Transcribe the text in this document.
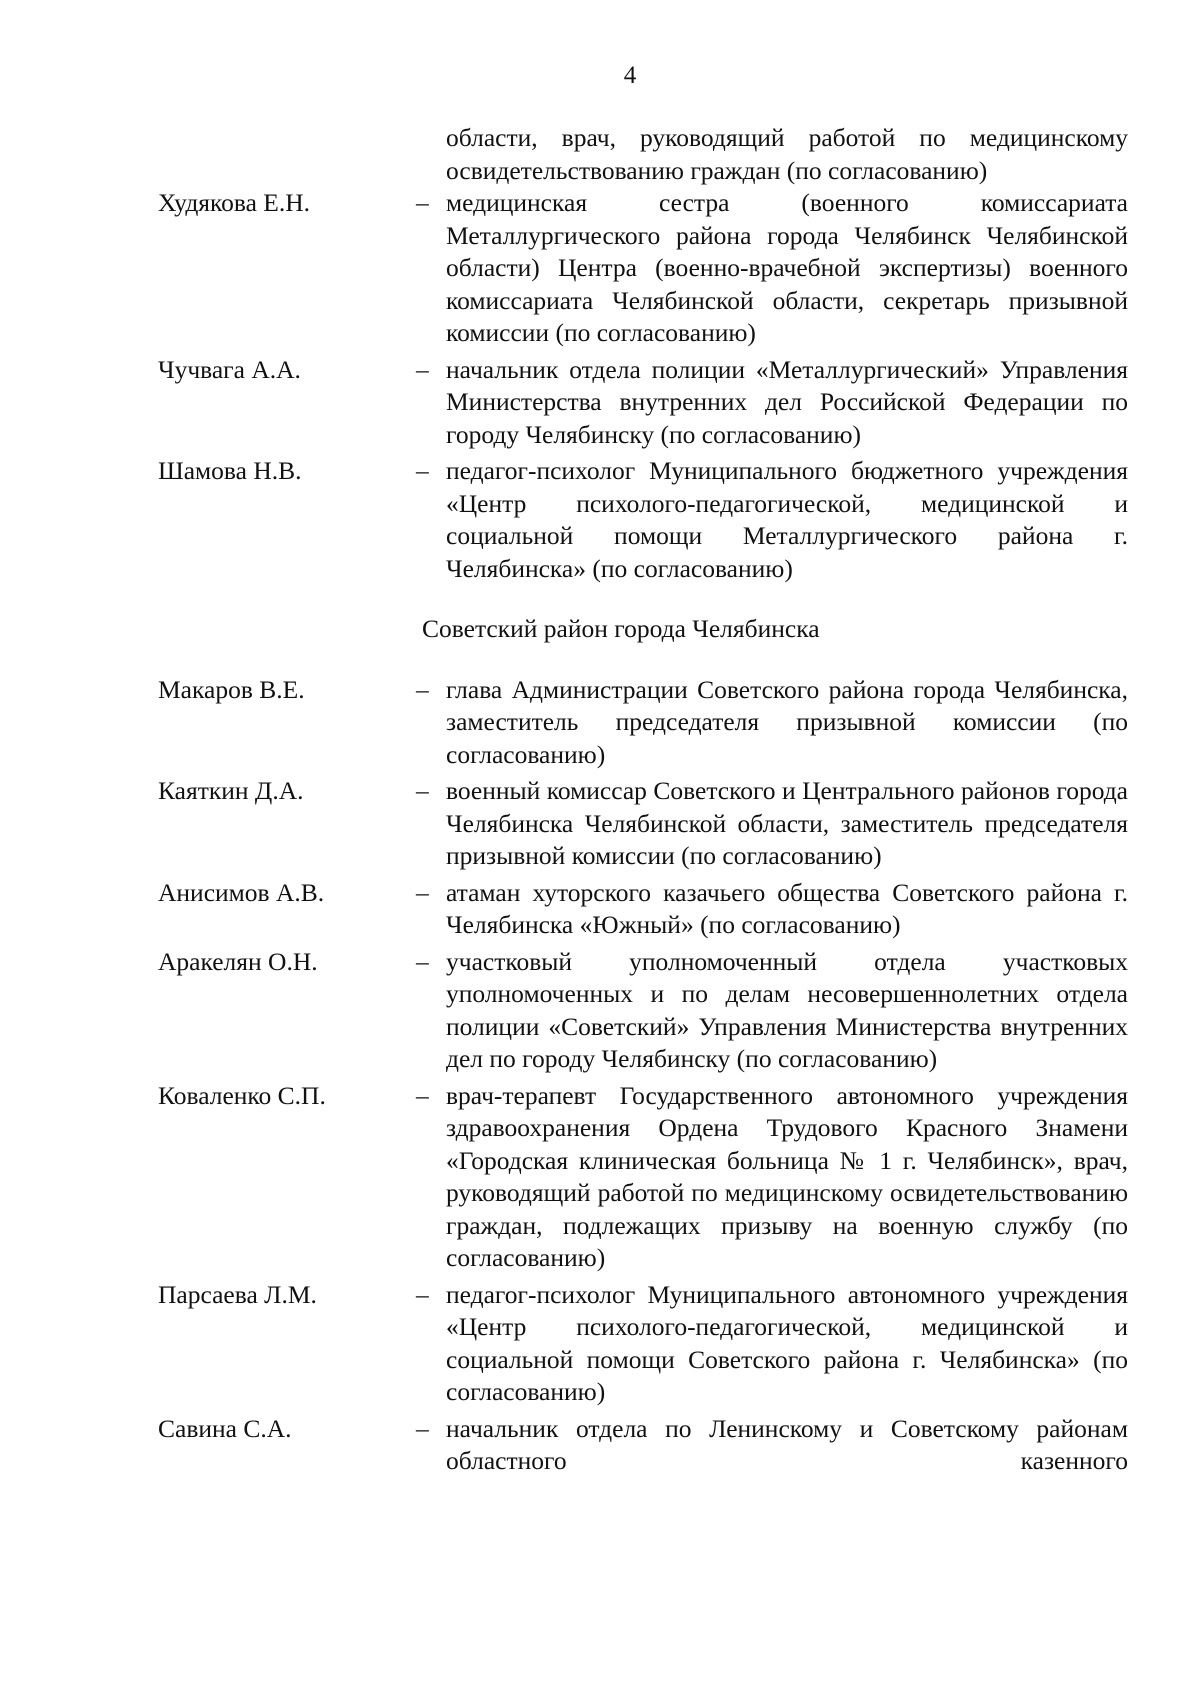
4
области, врач, руководящий работой по медицинскому освидетельствованию граждан (по согласованию)
Худякова Е.Н.	– медицинская сестра (военного комиссариата Металлургического района города Челябинск Челябинской области) Центра (военно-врачебной экспертизы) военного комиссариата Челябинской области, секретарь призывной комиссии (по согласованию)
Чучвага А.А.	– начальник отдела полиции «Металлургический» Управления Министерства внутренних дел Российской Федерации по городу Челябинску (по согласованию)
Шамова Н.В.	– педагог-психолог Муниципального бюджетного учреждения «Центр психолого-педагогической, медицинской и социальной помощи Металлургического района г. Челябинска» (по согласованию)
Советский район города Челябинска
Макаров В.Е.	– глава Администрации Советского района города Челябинска, заместитель председателя призывной комиссии (по согласованию)
Каяткин Д.А.	– военный комиссар Советского и Центрального районов города Челябинска Челябинской области, заместитель председателя призывной комиссии (по согласованию)
Анисимов А.В.	– атаман хуторского казачьего общества Советского района г. Челябинска «Южный» (по согласованию)
Аракелян О.Н.	– участковый уполномоченный отдела участковых уполномоченных и по делам несовершеннолетних отдела полиции «Советский» Управления Министерства внутренних дел по городу Челябинску (по согласованию)
Коваленко С.П.	– врач-терапевт Государственного автономного учреждения здравоохранения Ордена Трудового Красного Знамени «Городская клиническая больница № 1 г. Челябинск», врач, руководящий работой по медицинскому освидетельствованию граждан, подлежащих призыву на военную службу (по согласованию)
Парсаева Л.М.	– педагог-психолог Муниципального автономного учреждения «Центр психолого-педагогической, медицинской и социальной помощи Советского района г. Челябинска» (по согласованию)
Савина С.А.	– начальник отдела по Ленинскому и Советскому районам областного казенного
